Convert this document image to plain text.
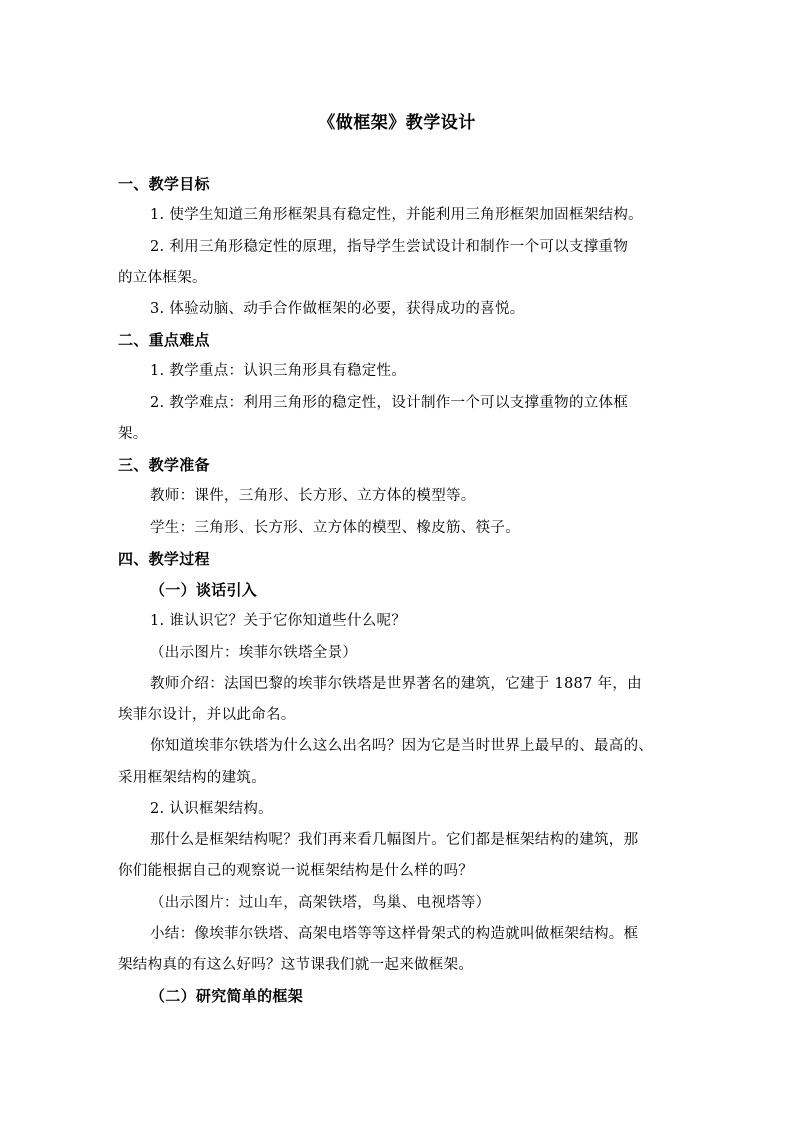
《做框架》教学设计
一、教学目标
1. 使学生知道三角形框架具有稳定性，并能利用三角形框架加固框架结构。
2. 利用三角形稳定性的原理，指导学生尝试设计和制作一个可以支撑重物
的立体框架。
3. 体验动脑、动手合作做框架的必要，获得成功的喜悦。
二、重点难点
1. 教学重点：认识三角形具有稳定性。
2. 教学难点：利用三角形的稳定性，设计制作一个可以支撑重物的立体框
架。
三、教学准备
教师：课件，三角形、长方形、立方体的模型等。
学生：三角形、长方形、立方体的模型、橡皮筋、筷子。
四、教学过程
（一）谈话引入
1. 谁认识它？关于它你知道些什么呢？
（出示图片：埃菲尔铁塔全景）
教师介绍：法国巴黎的埃菲尔铁塔是世界著名的建筑，它建于 1887 年，由
埃菲尔设计，并以此命名。
你知道埃菲尔铁塔为什么这么出名吗？因为它是当时世界上最早的、最高的、
采用框架结构的建筑。
2. 认识框架结构。
那什么是框架结构呢？我们再来看几幅图片。它们都是框架结构的建筑，那
你们能根据自己的观察说一说框架结构是什么样的吗？
（出示图片：过山车，高架铁塔，鸟巢、电视塔等）
小结：像埃菲尔铁塔、高架电塔等等这样骨架式的构造就叫做框架结构。框
架结构真的有这么好吗？这节课我们就一起来做框架。
（二）研究简单的框架
